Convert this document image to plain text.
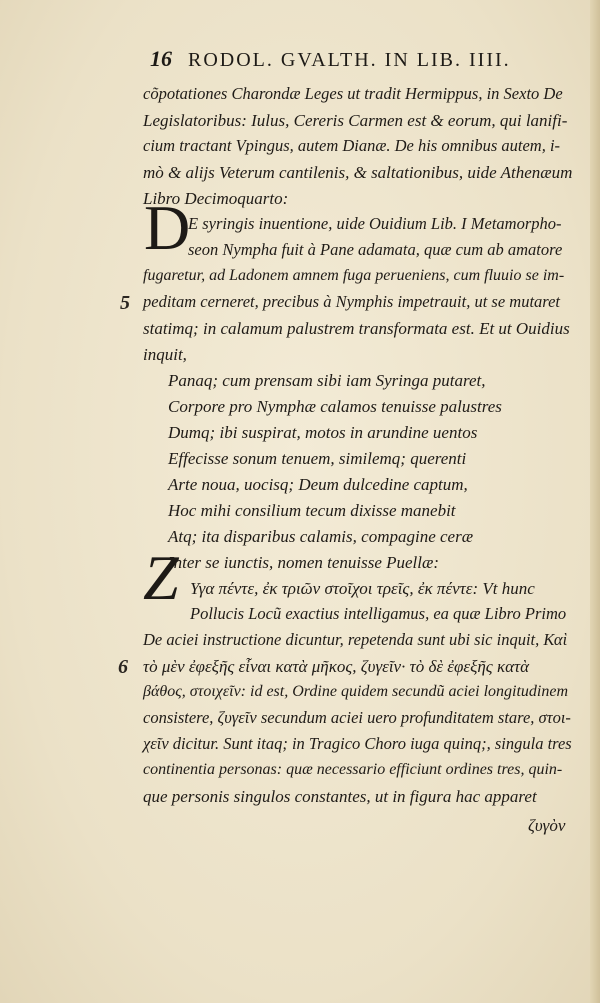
16 RODOL. GVALTH. IN LIB. IIII.
cõpotationes Charondæ Leges ut tradit Hermippus, in Sexto De
Legislatoribus: Iulus, Cereris Carmen est & eorum, qui lanifi-
cium tractant Vpingus, autem Dianæ. De his omnibus autem, i-
mò & alijs Veterum cantilenis, & saltationibus, uide Athenæum
Libro Decimoquarto:
D
E syringis inuentione, uide Ouidium Lib. I Metamorpho-
seon Nympha fuit à Pane adamata, quæ cum ab amatore
fugaretur, ad Ladonem amnem fuga perueniens, cum fluuio se im-
5 peditam cerneret, precibus à Nymphis impetrauit, ut se mutaret
statimq; in calamum palustrem transformata est. Et ut Ouidius
inquit,
Panaq; cum prensam sibi iam Syringa putaret,
Corpore pro Nymphæ calamos tenuisse palustres
Dumq; ibi suspirat, motos in arundine uentos
Effecisse sonum tenuem, similemq; querenti
Arte noua, uocisq; Deum dulcedine captum,
Hoc mihi consilium tecum dixisse manebit
Atq; ita disparibus calamis, compagine ceræ
Inter se iunctis, nomen tenuisse Puellæ:
Z Υγα πέντε, ἐκ τριῶν στοῖχοι τρεῖς, ἐκ πέντε: Vt hunc
Pollucis Locũ exactius intelligamus, ea quæ Libro Primo
De aciei instructione dicuntur, repetenda sunt ubi sic inquit, Καὶ
6 τὸ μὲν ἐφεξῆς εἶναι κατὰ μῆκος, ζυγεῖν· τὸ δὲ ἐφεξῆς κατὰ
βάθος, στοιχεῖν: id est, Ordine quidem secundũ aciei longitudinem
consistere, ζυγεῖν secundum aciei uero profunditatem stare, στοι-
χεῖν dicitur. Sunt itaq; in Tragico Choro iuga quinq;, singula tres
continentia personas: quæ necessario efficiunt ordines tres, quin-
que personis singulos constantes, ut in figura hac apparet
ζυγὸν
